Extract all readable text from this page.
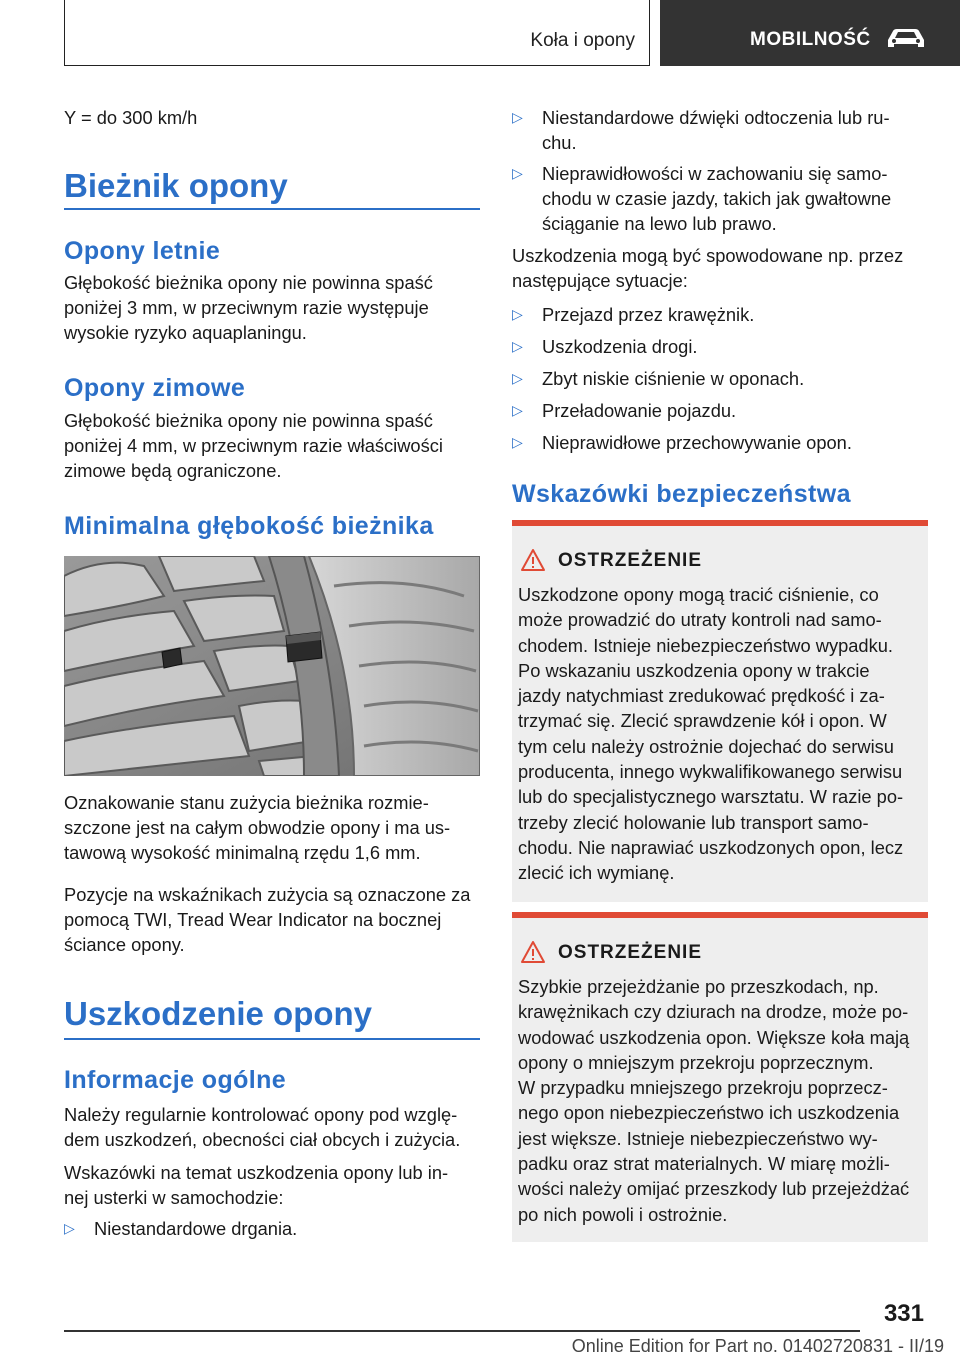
Koła i opony	MOBILNOŚĆ
Y = do 300 km/h
Bieżnik opony
Opony letnie
Głębokość bieżnika opony nie powinna spaść
poniżej 3 mm, w przeciwnym razie występuje
wysokie ryzyko aquaplaningu.
Opony zimowe
Głębokość bieżnika opony nie powinna spaść
poniżej 4 mm, w przeciwnym razie właściwości
zimowe będą ograniczone.
Minimalna głębokość bieżnika
Oznakowanie stanu zużycia bieżnika rozmie-
szczone jest na całym obwodzie opony i ma us-
tawową wysokość minimalną rzędu 1,6 mm.
Pozycje na wskaźnikach zużycia są oznaczone za
pomocą TWI, Tread Wear Indicator na bocznej
ściance opony.
Uszkodzenie opony
Informacje ogólne
Należy regularnie kontrolować opony pod wzglę-
dem uszkodzeń, obecności ciał obcych i zużycia.
Wskazówki na temat uszkodzenia opony lub in-
nej usterki w samochodzie:
▷ Niestandardowe drgania.
▷ Niestandardowe dźwięki odtoczenia lub ru-
chu.
▷ Nieprawidłowości w zachowaniu się samo-
chodu w czasie jazdy, takich jak gwałtowne
ściąganie na lewo lub prawo.
Uszkodzenia mogą być spowodowane np. przez
następujące sytuacje:
▷ Przejazd przez krawężnik.
▷ Uszkodzenia drogi.
▷ Zbyt niskie ciśnienie w oponach.
▷ Przeładowanie pojazdu.
▷ Nieprawidłowe przechowywanie opon.
Wskazówki bezpieczeństwa
OSTRZEŻENIE
Uszkodzone opony mogą tracić ciśnienie, co
może prowadzić do utraty kontroli nad samo-
chodem. Istnieje niebezpieczeństwo wypadku.
Po wskazaniu uszkodzenia opony w trakcie
jazdy natychmiast zredukować prędkość i za-
trzymać się. Zlecić sprawdzenie kół i opon. W
tym celu należy ostrożnie dojechać do serwisu
producenta, innego wykwalifikowanego serwisu
lub do specjalistycznego warsztatu. W razie po-
trzeby zlecić holowanie lub transport samo-
chodu. Nie naprawiać uszkodzonych opon, lecz
zlecić ich wymianę.
OSTRZEŻENIE
Szybkie przejeżdżanie po przeszkodach, np.
krawężnikach czy dziurach na drodze, może po-
wodować uszkodzenia opon. Większe koła mają
opony o mniejszym przekroju poprzecznym.
W przypadku mniejszego przekroju poprzecz-
nego opon niebezpieczeństwo ich uszkodzenia
jest większe. Istnieje niebezpieczeństwo wy-
padku oraz strat materialnych. W miarę możli-
wości należy omijać przeszkody lub przejeżdżać
po nich powoli i ostrożnie.
331
Online Edition for Part no. 01402720831 - II/19
